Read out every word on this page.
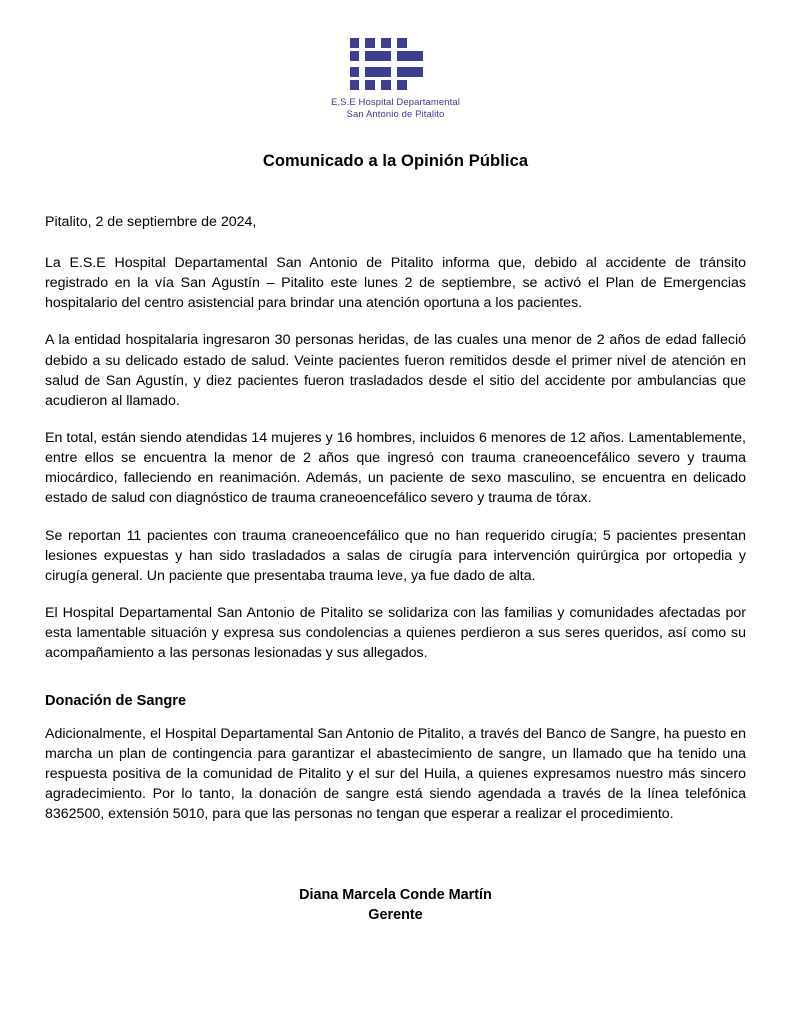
E.S.E Hospital Departamental
San Antonio de Pitalito
Comunicado a la Opinión Pública
Pitalito, 2 de septiembre de 2024,

La E.S.E Hospital Departamental San Antonio de Pitalito informa que, debido al accidente de tránsito registrado en la vía San Agustín – Pitalito este lunes 2 de septiembre, se activó el Plan de Emergencias hospitalario del centro asistencial para brindar una atención oportuna a los pacientes.

A la entidad hospitalaria ingresaron 30 personas heridas, de las cuales una menor de 2 años de edad falleció debido a su delicado estado de salud. Veinte pacientes fueron remitidos desde el primer nivel de atención en salud de San Agustín, y diez pacientes fueron trasladados desde el sitio del accidente por ambulancias que acudieron al llamado.

En total, están siendo atendidas 14 mujeres y 16 hombres, incluidos 6 menores de 12 años. Lamentablemente, entre ellos se encuentra la menor de 2 años que ingresó con trauma craneoencefálico severo y trauma miocárdico, falleciendo en reanimación. Además, un paciente de sexo masculino, se encuentra en delicado estado de salud con diagnóstico de trauma craneoencefálico severo y trauma de tórax.

Se reportan 11 pacientes con trauma craneoencefálico que no han requerido cirugía; 5 pacientes presentan lesiones expuestas y han sido trasladados a salas de cirugía para intervención quirúrgica por ortopedia y cirugía general. Un paciente que presentaba trauma leve, ya fue dado de alta.

El Hospital Departamental San Antonio de Pitalito se solidariza con las familias y comunidades afectadas por esta lamentable situación y expresa sus condolencias a quienes perdieron a sus seres queridos, así como su acompañamiento a las personas lesionadas y sus allegados.

Donación de Sangre

Adicionalmente, el Hospital Departamental San Antonio de Pitalito, a través del Banco de Sangre, ha puesto en marcha un plan de contingencia para garantizar el abastecimiento de sangre, un llamado que ha tenido una respuesta positiva de la comunidad de Pitalito y el sur del Huila, a quienes expresamos nuestro más sincero agradecimiento. Por lo tanto, la donación de sangre está siendo agendada a través de la línea telefónica 8362500, extensión 5010, para que las personas no tengan que esperar a realizar el procedimiento.

Diana Marcela Conde Martín
Gerente
